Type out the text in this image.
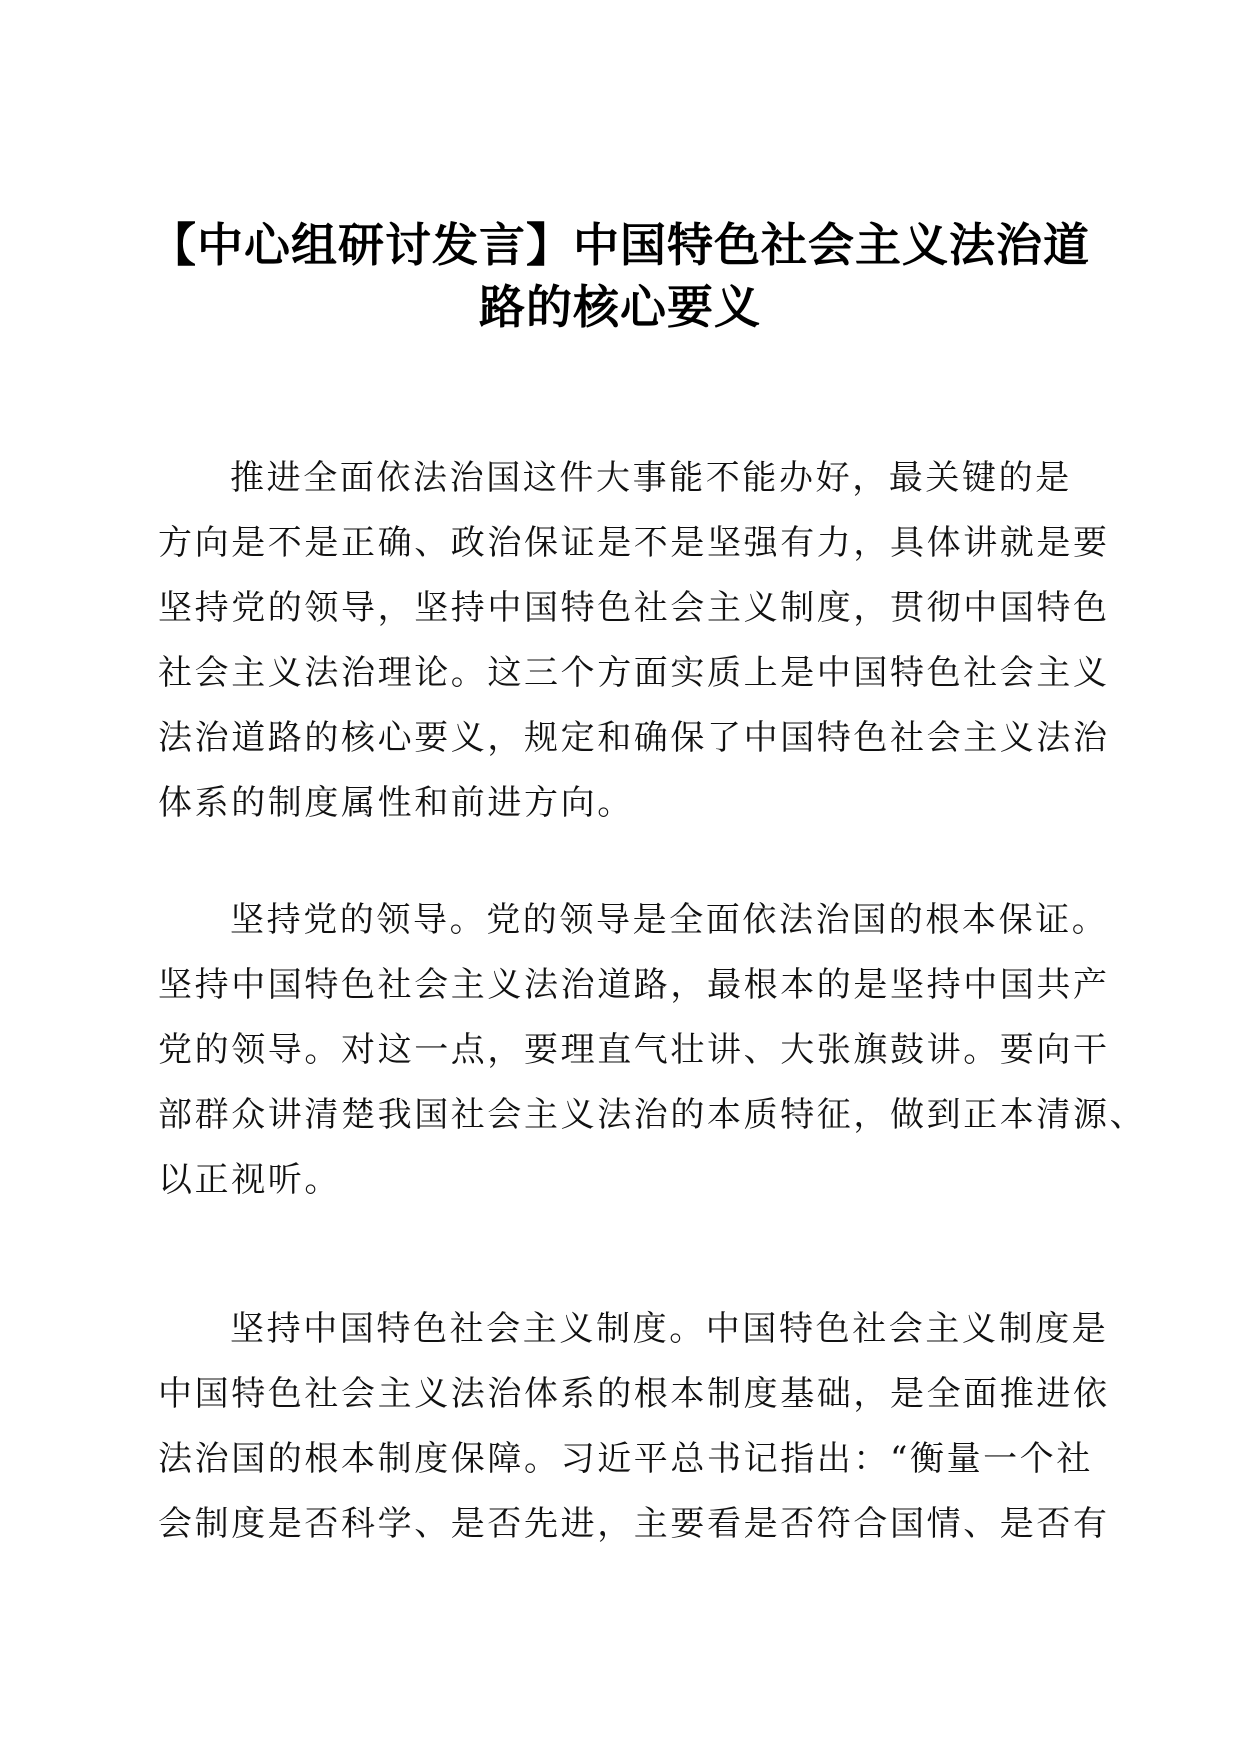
【中心组研讨发言】中国特色社会主义法治道
路的核心要义
推进全面依法治国这件大事能不能办好，最关键的是
方向是不是正确、政治保证是不是坚强有力，具体讲就是要
坚持党的领导，坚持中国特色社会主义制度，贯彻中国特色
社会主义法治理论。这三个方面实质上是中国特色社会主义
法治道路的核心要义，规定和确保了中国特色社会主义法治
体系的制度属性和前进方向。
坚持党的领导。党的领导是全面依法治国的根本保证。
坚持中国特色社会主义法治道路，最根本的是坚持中国共产
党的领导。对这一点，要理直气壮讲、大张旗鼓讲。要向干
部群众讲清楚我国社会主义法治的本质特征，做到正本清源、
以正视听。
坚持中国特色社会主义制度。中国特色社会主义制度是
中国特色社会主义法治体系的根本制度基础，是全面推进依
法治国的根本制度保障。习近平总书记指出：“衡量一个社
会制度是否科学、是否先进，主要看是否符合国情、是否有
